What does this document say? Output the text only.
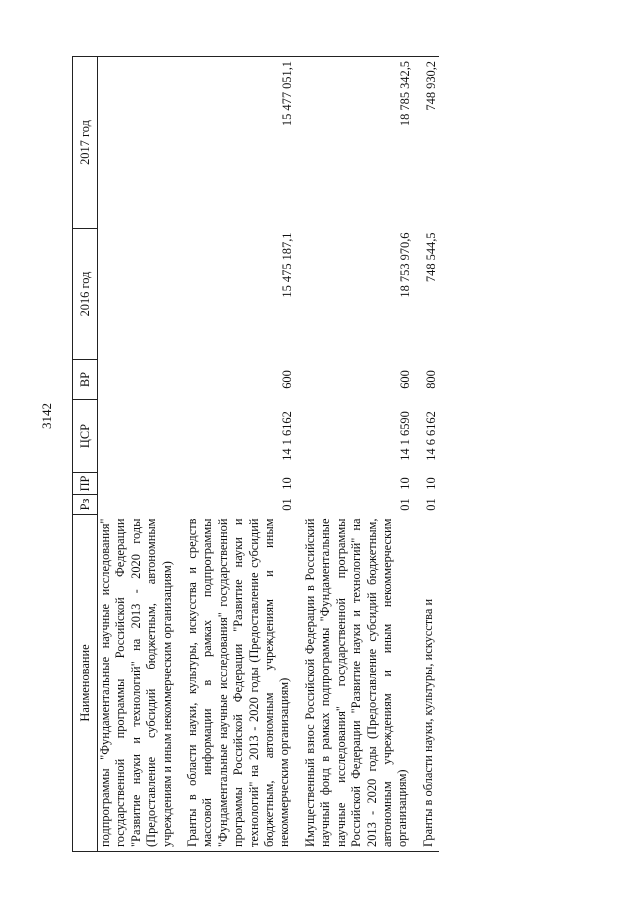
3142
Наименование	Рз	ПР	ЦСР	ВР	2016 год	2017 год
подпрограммы "Фундаментальные научные исследования" государственной программы Российской Федерации "Развитие науки и технологий" на 2013 - 2020 годы (Предоставление субсидий бюджетным, автономным учреждениям и иным некоммерческим организациям)						
Гранты в области науки, культуры, искусства и средств массовой информации в рамках подпрограммы "Фундаментальные научные исследования" государственной программы Российской Федерации "Развитие науки и технологий" на 2013 - 2020 годы (Предоставление субсидий бюджетным, автономным учреждениям и иным некоммерческим организациям)	01	10	14 1 6162	600	15 475 187,1	15 477 051,1
Имущественный взнос Российской Федерации в Российский научный фонд в рамках подпрограммы "Фундаментальные научные исследования" государственной программы Российской Федерации "Развитие науки и технологий" на 2013 - 2020 годы (Предоставление субсидий бюджетным, автономным учреждениям и иным некоммерческим организациям)	01	10	14 1 6590	600	18 753 970,6	18 785 342,5
Гранты в области науки, культуры, искусства и	01	10	14 6 6162	800	748 544,5	748 930,2
